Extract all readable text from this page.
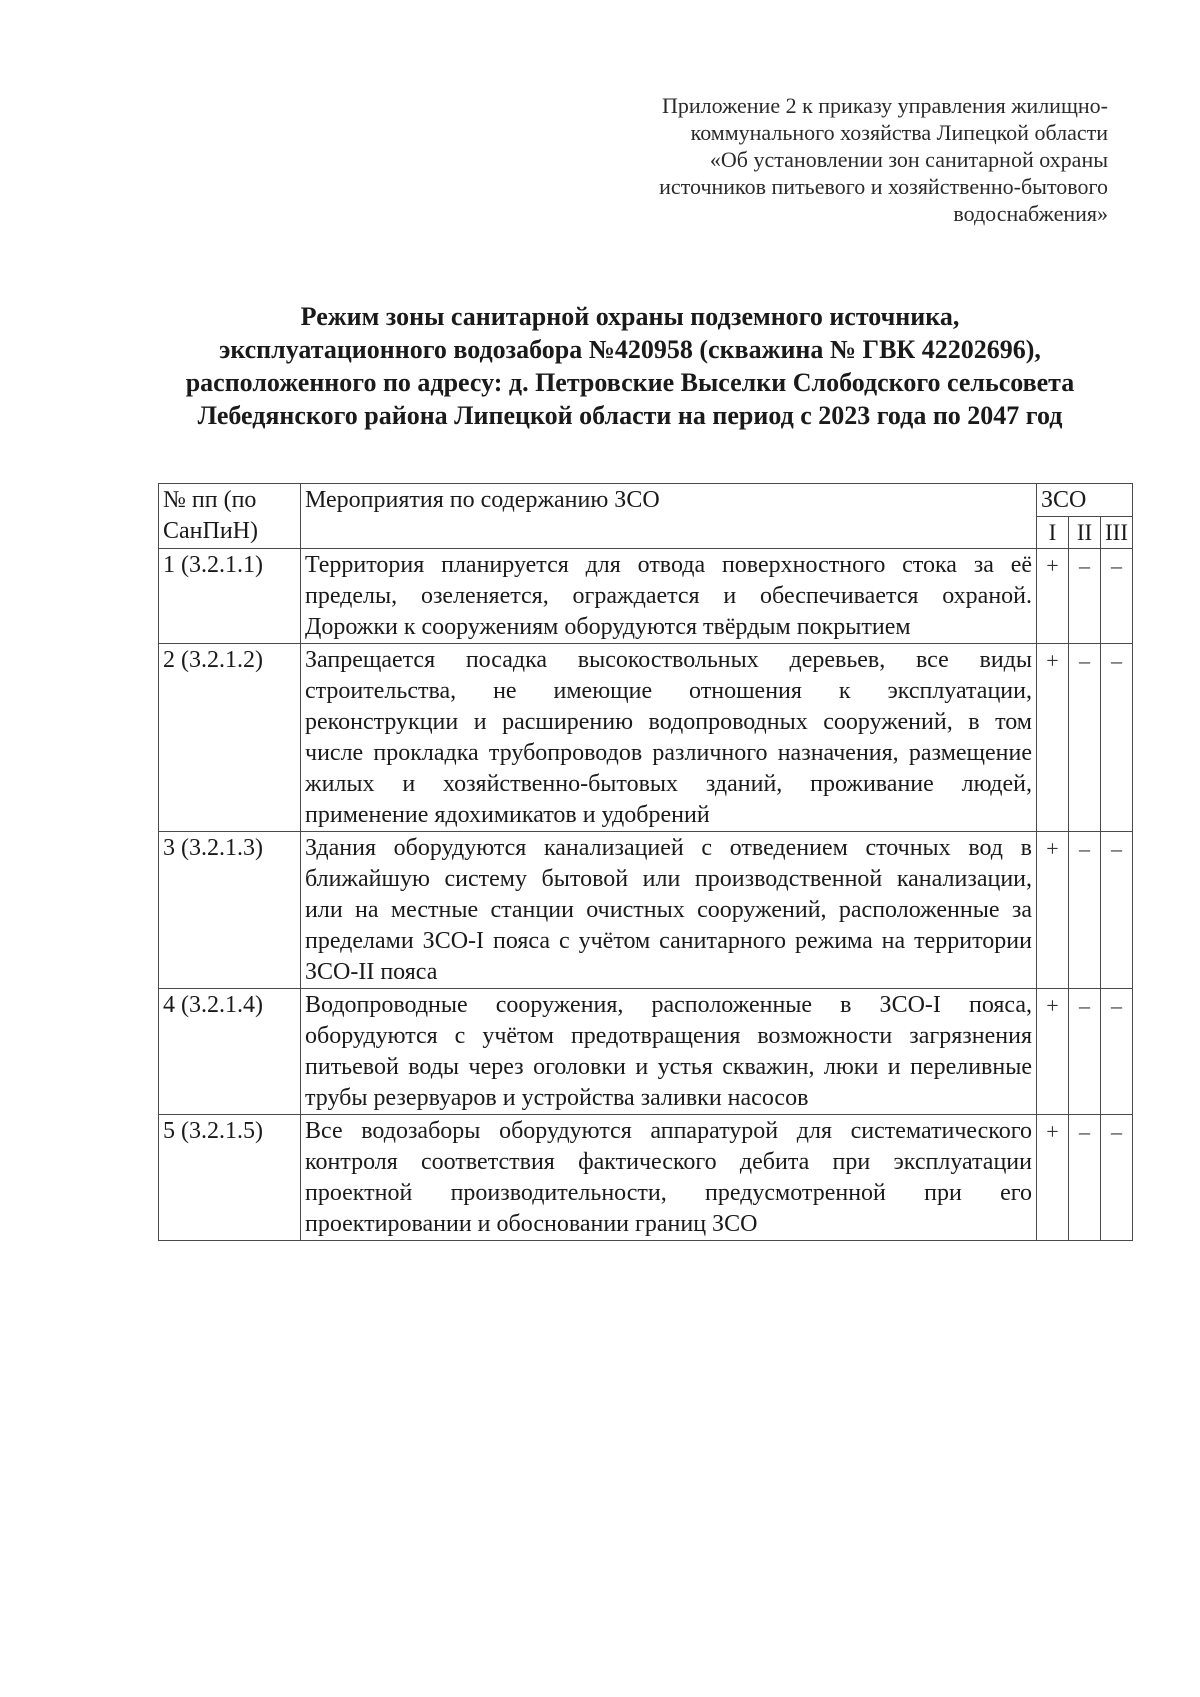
Приложение 2 к приказу управления жилищно-
коммунального хозяйства Липецкой области
«Об установлении зон санитарной охраны
источников питьевого и хозяйственно-бытового
водоснабжения»
Режим зоны санитарной охраны подземного источника,
эксплуатационного водозабора №420958 (скважина № ГВК 42202696),
расположенного по адресу: д. Петровские Выселки Слободского сельсовета
Лебедянского района Липецкой области на период с 2023 года по 2047 год
№ пп (по
СанПиН)	Мероприятия по содержанию ЗСО	ЗСО		
		I	II	III
1 (3.2.1.1)	Территория планируется для отвода поверхностного стока за её пределы, озеленяется, ограждается и обеспечивается охраной. Дорожки к сооружениям оборудуются твёрдым покрытием	+	–	–
2 (3.2.1.2)	Запрещается посадка высокоствольных деревьев, все виды строительства, не имеющие отношения к эксплуатации, реконструкции и расширению водопроводных сооружений, в том числе прокладка трубопроводов различного назначения, размещение жилых и хозяйственно-бытовых зданий, проживание людей, применение ядохимикатов и удобрений	+	–	–
3 (3.2.1.3)	Здания оборудуются канализацией с отведением сточных вод в ближайшую систему бытовой или производственной канализации, или на местные станции очистных сооружений, расположенные за пределами ЗСО-I пояса с учётом санитарного режима на территории ЗСО-II пояса	+	–	–
4 (3.2.1.4)	Водопроводные сооружения, расположенные в ЗСО-I пояса, оборудуются с учётом предотвращения возможности загрязнения питьевой воды через оголовки и устья скважин, люки и переливные трубы резервуаров и устройства заливки насосов	+	–	–
5 (3.2.1.5)	Все водозаборы оборудуются аппаратурой для систематического контроля соответствия фактического дебита при эксплуатации проектной производительности, предусмотренной при его проектировании и обосновании границ ЗСО	+	–	–
